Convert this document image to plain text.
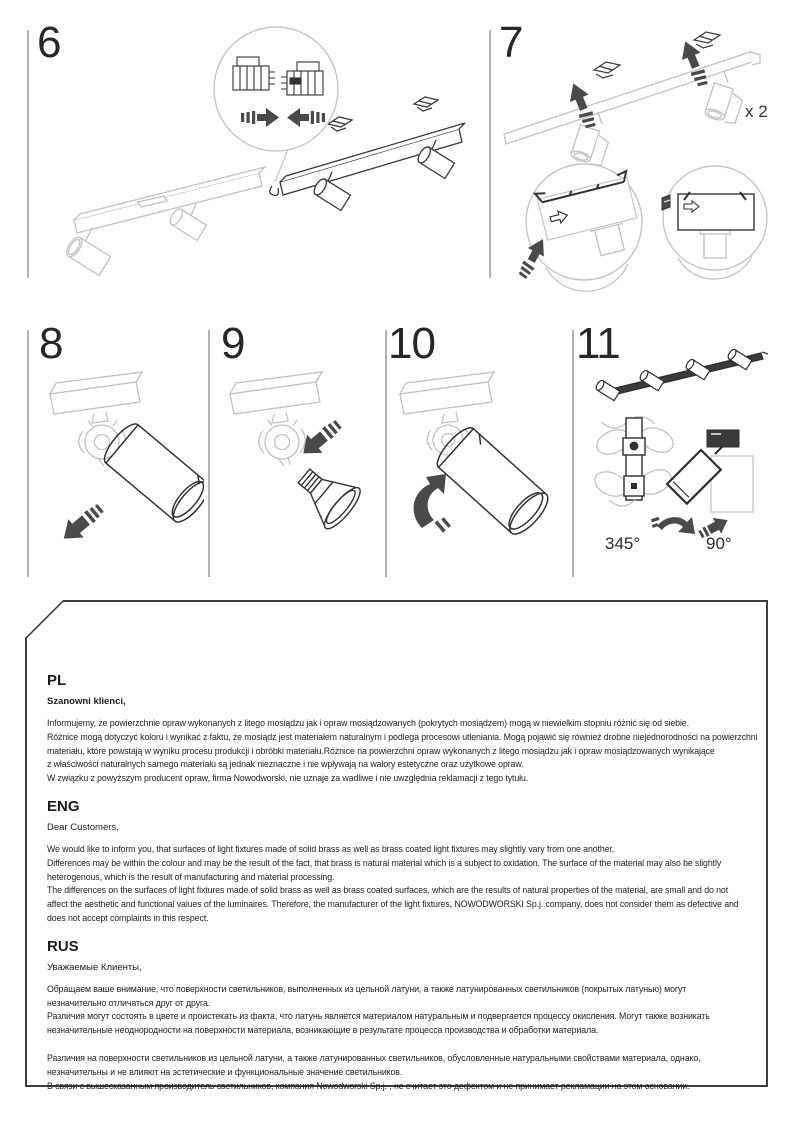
6	7
x 2
8	9	10	11
345°	90°
PL
Szanowni klienci,
Informujemy, że powierzchnie opraw wykonanych z litego mosiądzu jak i opraw mosiądzowanych (pokrytych mosiądzem) mogą w niewielkim stopniu różnić się od siebie.
Różnice mogą dotyczyć koloru i wynikać z faktu, że mosiądz jest materiałem naturalnym i podlega procesowi utleniania. Mogą pojawić się również drobne niejednorodności na powierzchni
materiału, które powstają w wyniku procesu produkcji i obróbki materiału.Różnice na powierzchni opraw wykonanych z litego mosiądzu jak i opraw mosiądzowanych wynikające
z właściwości naturalnych samego materiału są jednak nieznaczne i nie wpływają na walory estetyczne oraz użytkowe opraw.
W związku z powyższym producent opraw, firma Nowodworski, nie uznaje za wadliwe i nie uwzględnia reklamacji z tego tytułu.
ENG
Dear Customers,
We would like to inform you, that surfaces of light fixtures made of solid brass as well as brass coated light fixtures may slightly vary from one another.
Differences may be within the colour and may be the result of the fact, that brass is natural material which is a subject to oxidation. The surface of the material may also be slightly
heterogenous, which is the result of manufacturing and material processing.
The differences on the surfaces of light fixtures made of solid brass as well as brass coated surfaces, which are the results of natural properties of the material, are small and do not
affect the aesthetic and functional values of the luminaires. Therefore, the manufacturer of the light fixtures, NOWODWORSKI Sp.j. company, does not consider them as defective and
does not accept complaints in this respect.
RUS
Уважаемые Клиенты,
Обращаем ваше внимание, что поверхности светильников, выполненных из цельной латуни, а также латунированных светильников (покрытых латунью) могут
незначительно отличаться друг от друга.
Различия могут состоять в цвете и проистекать из факта, что латунь является материалом натуральным и подвергается процессу окисления. Могут также возникать
незначительные неоднородности на поверхности материала, возникающие в результате процесса производства и обработки материала.
Различия на поверхности светильников из цельной латуни, а также латунированных светильников, обусловленные натуральными свойствами материала, однако,
незначительны и не влияют на эстетические и функциональные значение светильников.
В связи с вышесказанным производитель светильников, компания Nowodworski Sp.j. , не считает это дефектом и не принимает рекламации на этом основании.
